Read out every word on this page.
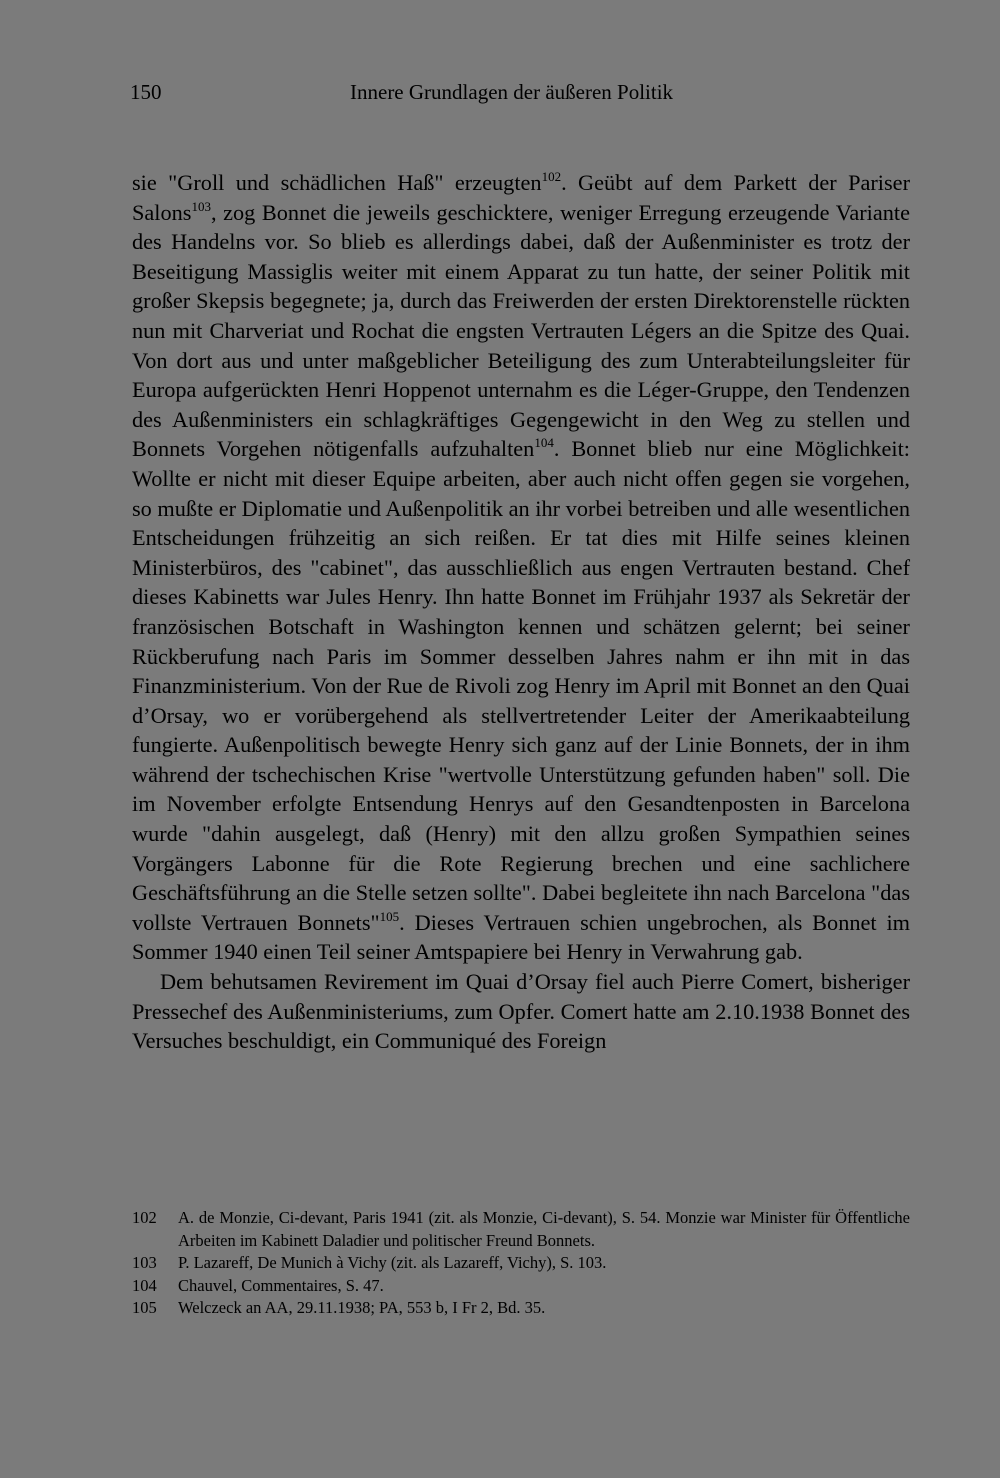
150	Innere Grundlagen der äußeren Politik

sie "Groll und schädlichen Haß" erzeugten$^{102}$. Geübt auf dem Parkett der Pariser Salons$^{103}$, zog Bonnet die jeweils geschicktere, weniger Erregung erzeugende Variante des Handelns vor. So blieb es allerdings dabei, daß der Außenminister es trotz der Beseitigung Massiglis weiter mit einem Apparat zu tun hatte, der seiner Politik mit großer Skepsis begegnete; ja, durch das Freiwerden der ersten Direktorenstelle rückten nun mit Charveriat und Rochat die engsten Vertrauten Légers an die Spitze des Quai. Von dort aus und unter maßgeblicher Beteiligung des zum Unterabteilungsleiter für Europa aufgerückten Henri Hoppenot unternahm es die Léger-Gruppe, den Tendenzen des Außenministers ein schlagkräftiges Gegengewicht in den Weg zu stellen und Bonnets Vorgehen nötigenfalls aufzuhalten$^{104}$. Bonnet blieb nur eine Möglichkeit: Wollte er nicht mit dieser Equipe arbeiten, aber auch nicht offen gegen sie vorgehen, so mußte er Diplomatie und Außenpolitik an ihr vorbei betreiben und alle wesentlichen Entscheidungen frühzeitig an sich reißen. Er tat dies mit Hilfe seines kleinen Ministerbüros, des "cabinet", das ausschließlich aus engen Vertrauten bestand. Chef dieses Kabinetts war Jules Henry. Ihn hatte Bonnet im Frühjahr 1937 als Sekretär der französischen Botschaft in Washington kennen und schätzen gelernt; bei seiner Rückberufung nach Paris im Sommer desselben Jahres nahm er ihn mit in das Finanzministerium. Von der Rue de Rivoli zog Henry im April mit Bonnet an den Quai d’Orsay, wo er vorübergehend als stellvertretender Leiter der Amerikaabteilung fungierte. Außenpolitisch bewegte Henry sich ganz auf der Linie Bonnets, der in ihm während der tschechischen Krise "wertvolle Unterstützung gefunden haben" soll. Die im November erfolgte Entsendung Henrys auf den Gesandtenposten in Barcelona wurde "dahin ausgelegt, daß (Henry) mit den allzu großen Sympathien seines Vorgängers Labonne für die Rote Regierung brechen und eine sachlichere Geschäftsführung an die Stelle setzen sollte". Dabei begleitete ihn nach Barcelona "das vollste Vertrauen Bonnets"$^{105}$. Dieses Vertrauen schien ungebrochen, als Bonnet im Sommer 1940 einen Teil seiner Amtspapiere bei Henry in Verwahrung gab.

Dem behutsamen Revirement im Quai d’Orsay fiel auch Pierre Comert, bisheriger Pressechef des Außenministeriums, zum Opfer. Comert hatte am 2.10.1938 Bonnet des Versuches beschuldigt, ein Communiqué des Foreign

102	A. de Monzie, Ci-devant, Paris 1941 (zit. als Monzie, Ci-devant), S. 54. Monzie war Minister für Öffentliche Arbeiten im Kabinett Daladier und politischer Freund Bonnets.
103	P. Lazareff, De Munich à Vichy (zit. als Lazareff, Vichy), S. 103.
104	Chauvel, Commentaires, S. 47.
105	Welczeck an AA, 29.11.1938; PA, 553 b, I Fr 2, Bd. 35.
